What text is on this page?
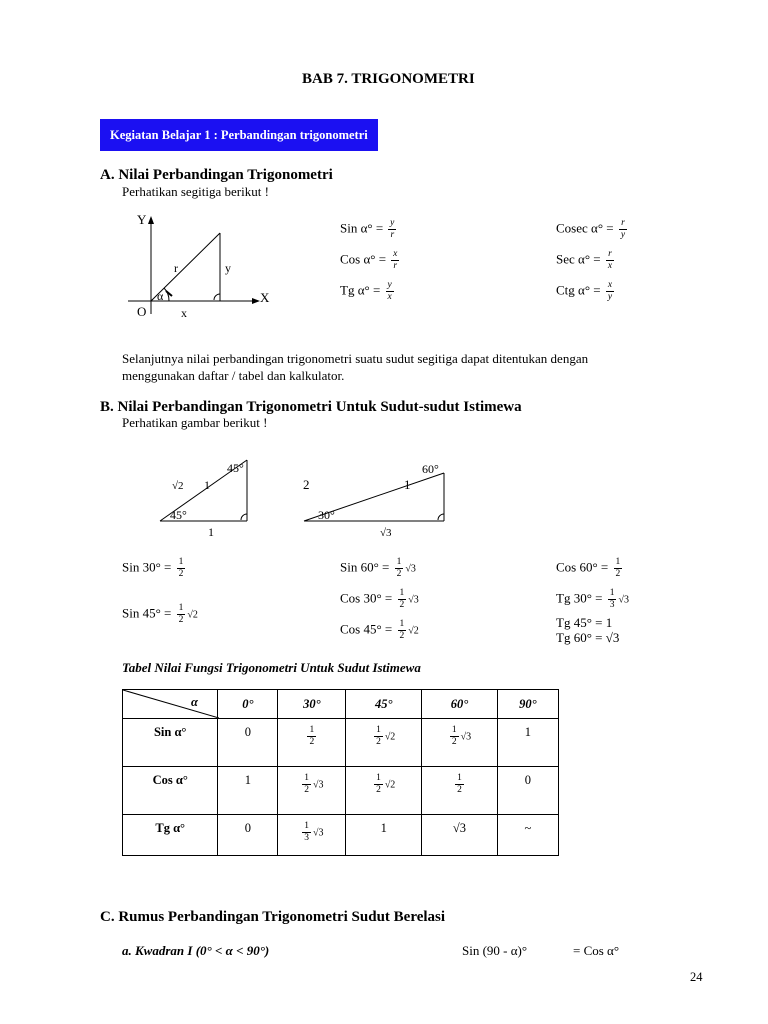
BAB 7. TRIGONOMETRI
Kegiatan Belajar 1 : Perbandingan trigonometri
A. Nilai Perbandingan Trigonometri
Perhatikan segitiga berikut !
Y
X
O
r	y
x
α
Sin $\alpha^\circ = \frac{y}{r}$
Cos $\alpha^\circ = \frac{x}{r}$
Tg $\alpha^\circ = \frac{y}{x}$
Cosec $\alpha^\circ = \frac{r}{y}$
Sec $\alpha^\circ = \frac{r}{x}$
Ctg $\alpha^\circ = \frac{x}{y}$
Selanjutnya nilai perbandingan trigonometri suatu sudut segitiga dapat ditentukan dengan
menggunakan daftar / tabel dan kalkulator.
B. Nilai Perbandingan Trigonometri Untuk Sudut-sudut Istimewa
Perhatikan gambar berikut !
45°
45°
√2 1
1
60°
30°
2	1
√3
Sin $30^\circ = \frac{1}{2}$
Sin $45^\circ = \frac{1}{2} √2$
Sin $60^\circ = \frac{1}{2} √3$
Cos $30^\circ = \frac{1}{2} √3$
Cos $45^\circ = \frac{1}{2} √2$
Cos $60^\circ = \frac{1}{2}$
Tg $30^\circ = \frac{1}{3} √3$
Tg 45° = 1
Tg 60° = √3
Tabel Nilai Fungsi Trigonometri Untuk Sudut Istimewa
α	0°	30°	45°	60°	90°
Sin α°	0	$\frac{1}{2}$	$\frac{1}{2} √2$	$\frac{1}{2} √3$	1
Cos α°	1	$\frac{1}{2} √3$	$\frac{1}{2} √2$	$\frac{1}{2}$	0
Tg α°	0	$\frac{1}{3} √3$	1	√3	~
C. Rumus Perbandingan Trigonometri Sudut Berelasi
a. Kwadran I (0° < α < 90°)	Sin (90 - α)°	= Cos α°
24
